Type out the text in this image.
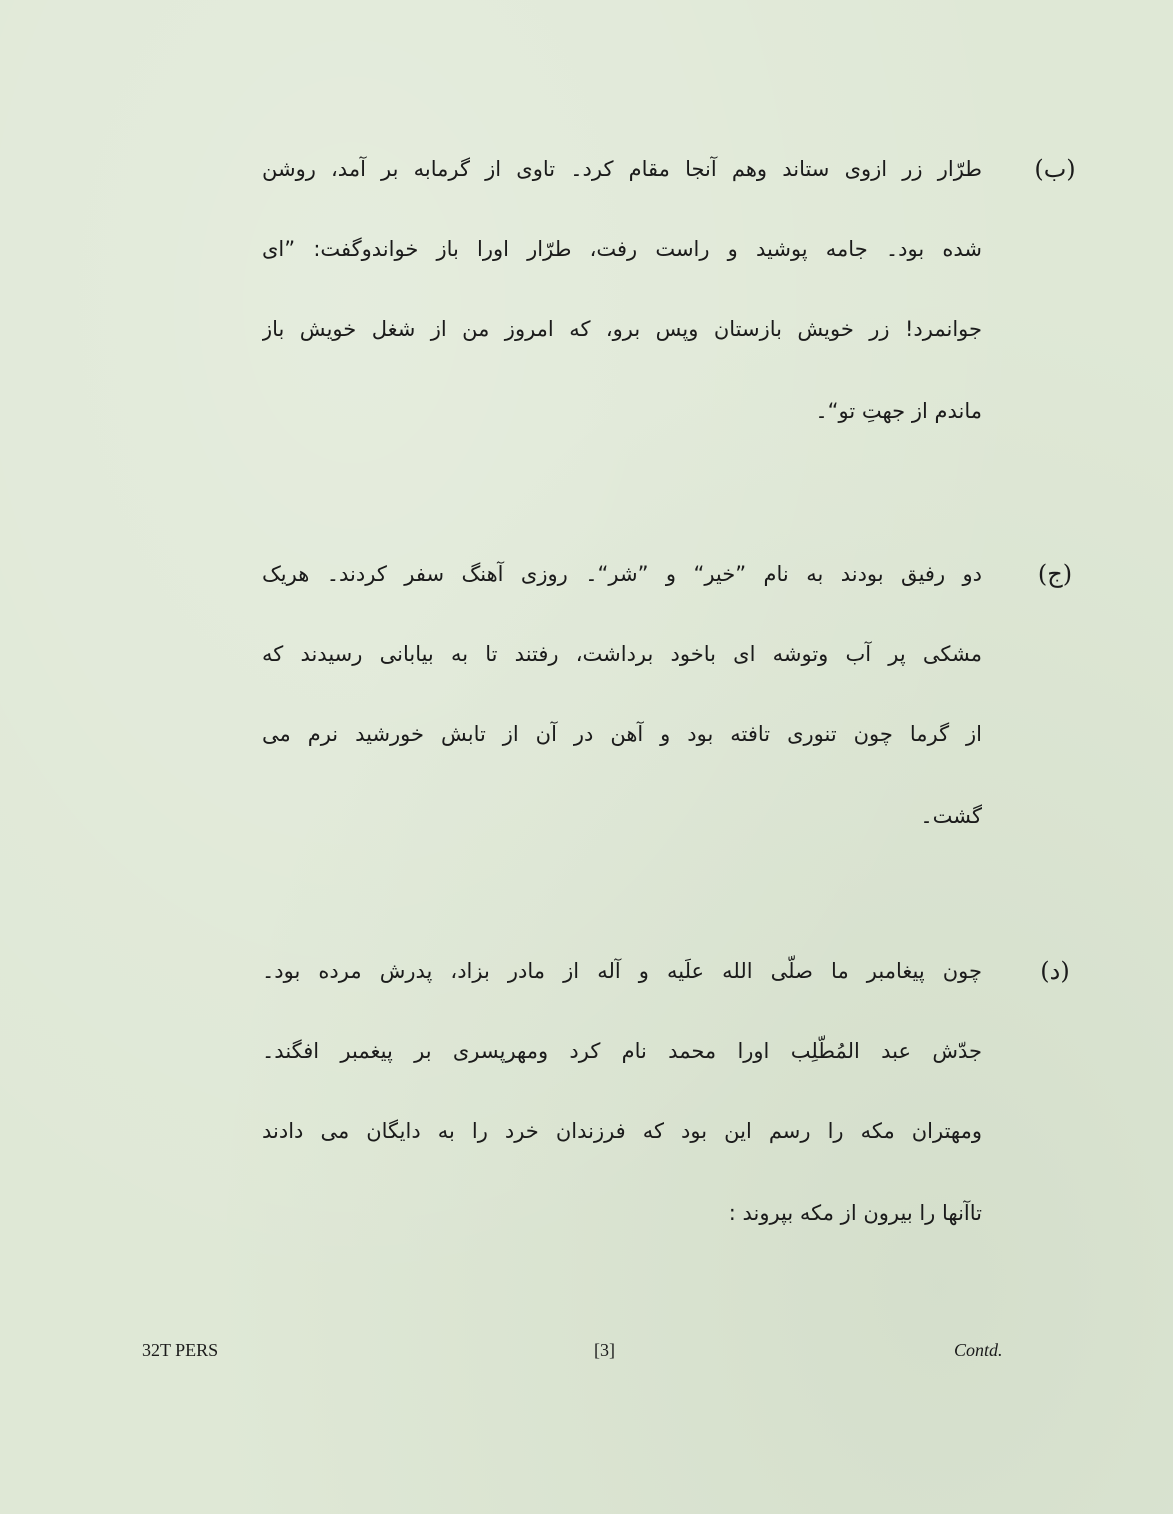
(ب)
طرّار زر ازوی ستاند وهم آنجا مقام کرد۔ تاوی از گرمابه بر آمد، روشن
شده بود۔ جامه پوشید و راست رفت، طرّار اورا باز خواندوگفت: ”ای
جوانمرد! زر خویش بازستان وپس برو، که امروز من از شغل خویش باز
ماندم از جهتِ تو“۔
(ج)
دو رفیق بودند به نام ”خیر“ و ”شر“۔ روزی آهنگ سفر کردند۔ هریک
مشکی پر آب وتوشه ای باخود برداشت، رفتند تا به بیابانی رسیدند که
از گرما چون تنوری تافته بود و آهن در آن از تابش خورشید نرم می
گشت۔
(د)
چون پیغامبر ما صلّی الله علَیه و آله از مادر بزاد، پدرش مرده بود۔
جدّش عبد المُطّلِب اورا محمد نام کرد ومهرپسری بر پیغمبر افگند۔
ومهتران مکه را رسم این بود که فرزندان خرد را به دایگان می دادند
تاآنها را بیرون از مکه بپروند :
32T PERS	[3]	Contd.
